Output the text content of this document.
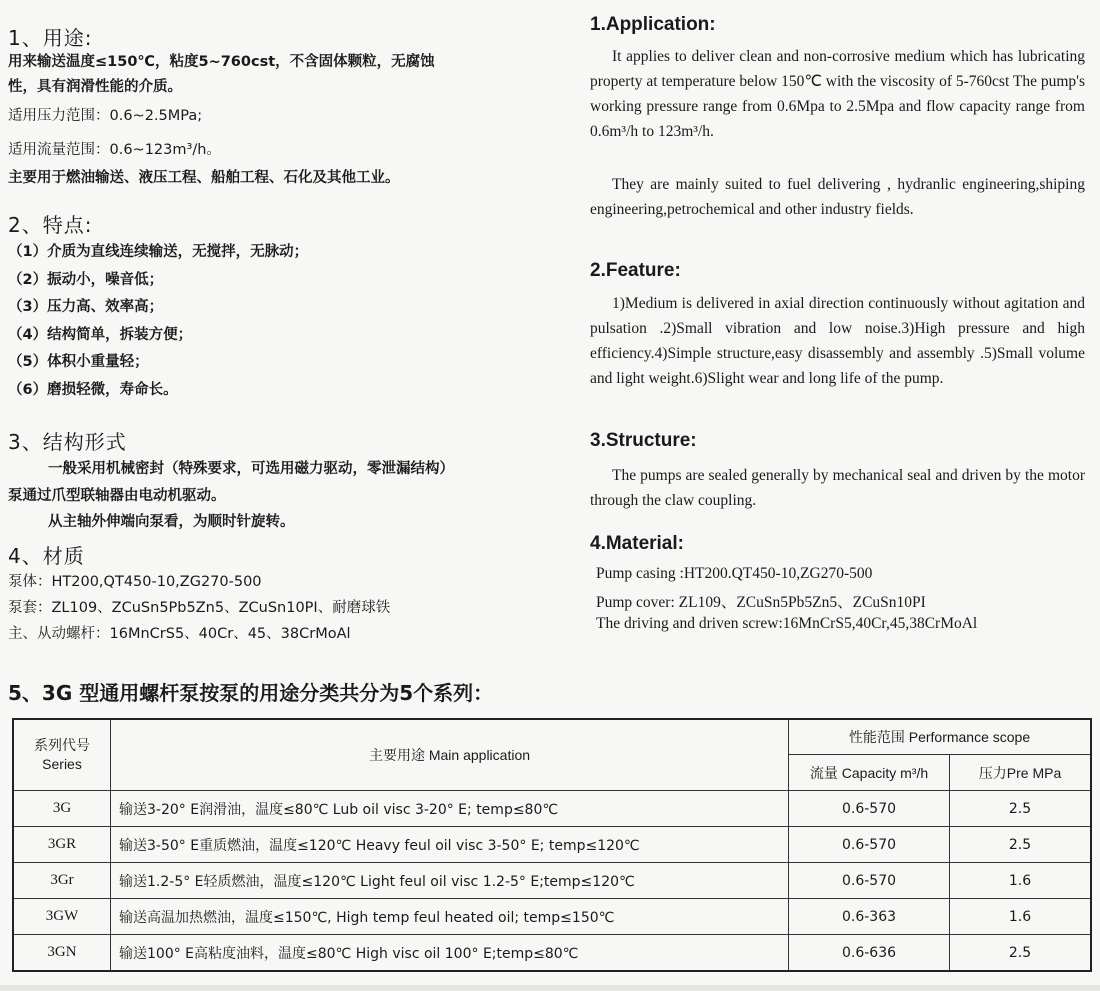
1、用途:

用来输送温度≤150℃，粘度5~760cst，不含固体颗粒，无腐蚀

性，具有润滑性能的介质。

适用压力范围：0.6~2.5MPa;

适用流量范围：0.6~123m³/h。

主要用于燃油输送、液压工程、船舶工程、石化及其他工业。

2、特点:

（1）介质为直线连续输送，无搅拌，无脉动；

（2）振动小，噪音低；

（3）压力高、效率高；

（4）结构简单，拆装方便；

（5）体积小重量轻；

（6）磨损轻微，寿命长。

3、结构形式

一般采用机械密封（特殊要求，可选用磁力驱动，零泄漏结构）

泵通过爪型联轴器由电动机驱动。

从主轴外伸端向泵看，为顺时针旋转。

4、材质

泵体：HT200,QT450-10,ZG270-500

泵套：ZL109、ZCuSn5Pb5Zn5、ZCuSn10PI、耐磨球铁

主、从动螺杆：16MnCrS5、40Cr、45、38CrMoAl

1.Application:

It applies to deliver clean and non-corrosive medium which has lubricating property at temperature below 150℃ with the viscosity of 5-760cst The pump's working pressure range from 0.6Mpa to 2.5Mpa and flow capacity range from 0.6m³/h to 123m³/h.

They are mainly suited to fuel delivering , hydranlic engineering,shiping engineering,petrochemical and other industry fields.

2.Feature:

1)Medium is delivered in axial direction continuously without agitation and pulsation .2)Small vibration and low noise.3)High pressure and high efficiency.4)Simple structure,easy disassembly and assembly .5)Small volume and light weight.6)Slight wear and long life of the pump.

3.Structure:

The pumps are sealed generally by mechanical seal and driven by the motor through the claw coupling.

4.Material:

Pump casing :HT200.QT450-10,ZG270-500

Pump cover: ZL109、ZCuSn5Pb5Zn5、ZCuSn10PI

The driving and driven screw:16MnCrS5,40Cr,45,38CrMoAl

5、3G 型通用螺杆泵按泵的用途分类共分为5个系列：
系列代号
Series	主要用途 Main application	性能范围 Performance scope	
		流量 Capacity m³/h	压力Pre MPa
3G	输送3-20° E润滑油，温度≤80℃ Lub oil visc 3-20° E; temp≤80℃	0.6-570	2.5
3GR	输送3-50° E重质燃油，温度≤120℃ Heavy feul oil visc 3-50° E; temp≤120℃	0.6-570	2.5
3Gr	输送1.2-5° E轻质燃油，温度≤120℃ Light feul oil visc 1.2-5° E;temp≤120℃	0.6-570	1.6
3GW	输送高温加热燃油，温度≤150℃, High temp feul heated oil; temp≤150℃	0.6-363	1.6
3GN	输送100° E高粘度油料，温度≤80℃ High visc oil 100° E;temp≤80℃	0.6-636	2.5
